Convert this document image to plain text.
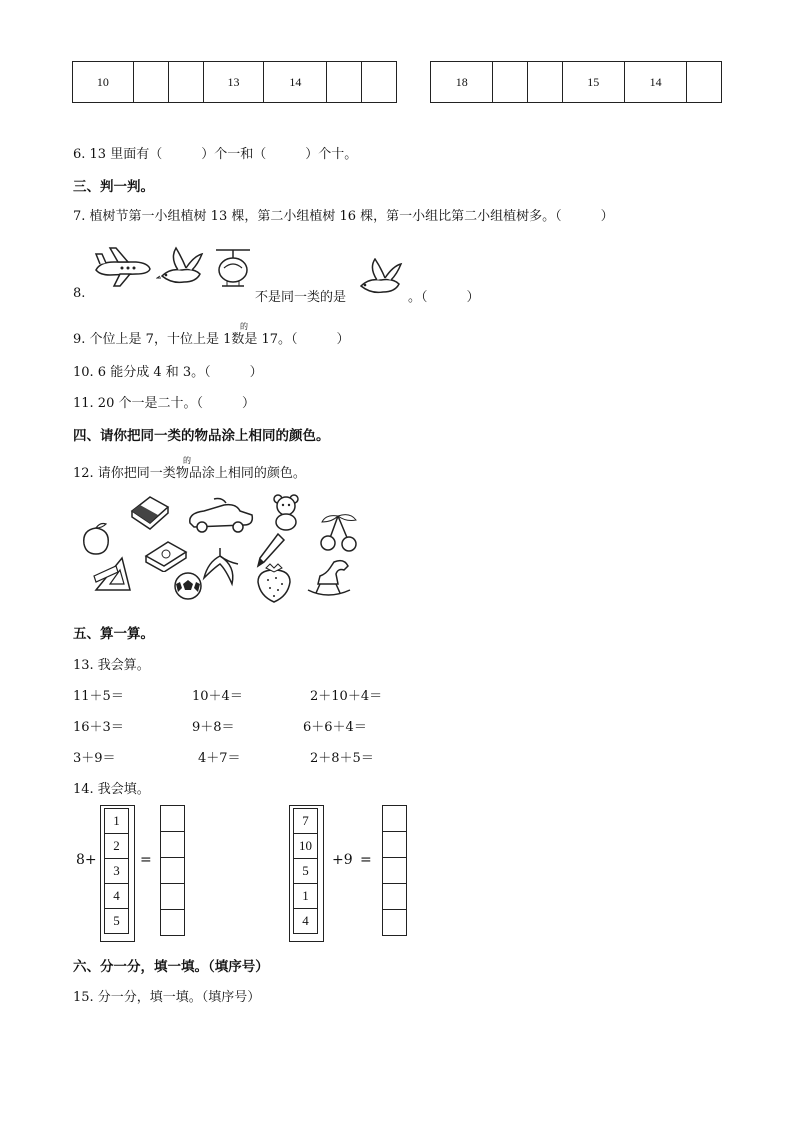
10			13	14			18			15	14	
6. 13 里面有（　　　）个一和（　　　）个十。
三、判一判。
7. 植树节第一小组植树 13 棵，第二小组植树 16 棵，第一小组比第二小组植树多。（　　　）
8.	不是同一类的是	。（　　　）
9. 个位上是 7，十位上是 1数是 17。（　　　）
的
10. 6 能分成 4 和 3。（　　　）
11. 20 个一是二十。（　　　）
四、请你把同一类的物品涂上相同的颜色。
12. 请你把同一类物品涂上相同的颜色。
的
五、算一算。
13. 我会算。
11＋5＝	10＋4＝	2＋10＋4＝
16＋3＝	9＋8＝	6＋6＋4＝
3＋9＝	4＋7＝	2＋8＋5＝
14. 我会填。
8+
1
2
3
4
5
=

7
10
5
1
4
+9 =

六、分一分，填一填。（填序号）
15. 分一分，填一填。（填序号）
